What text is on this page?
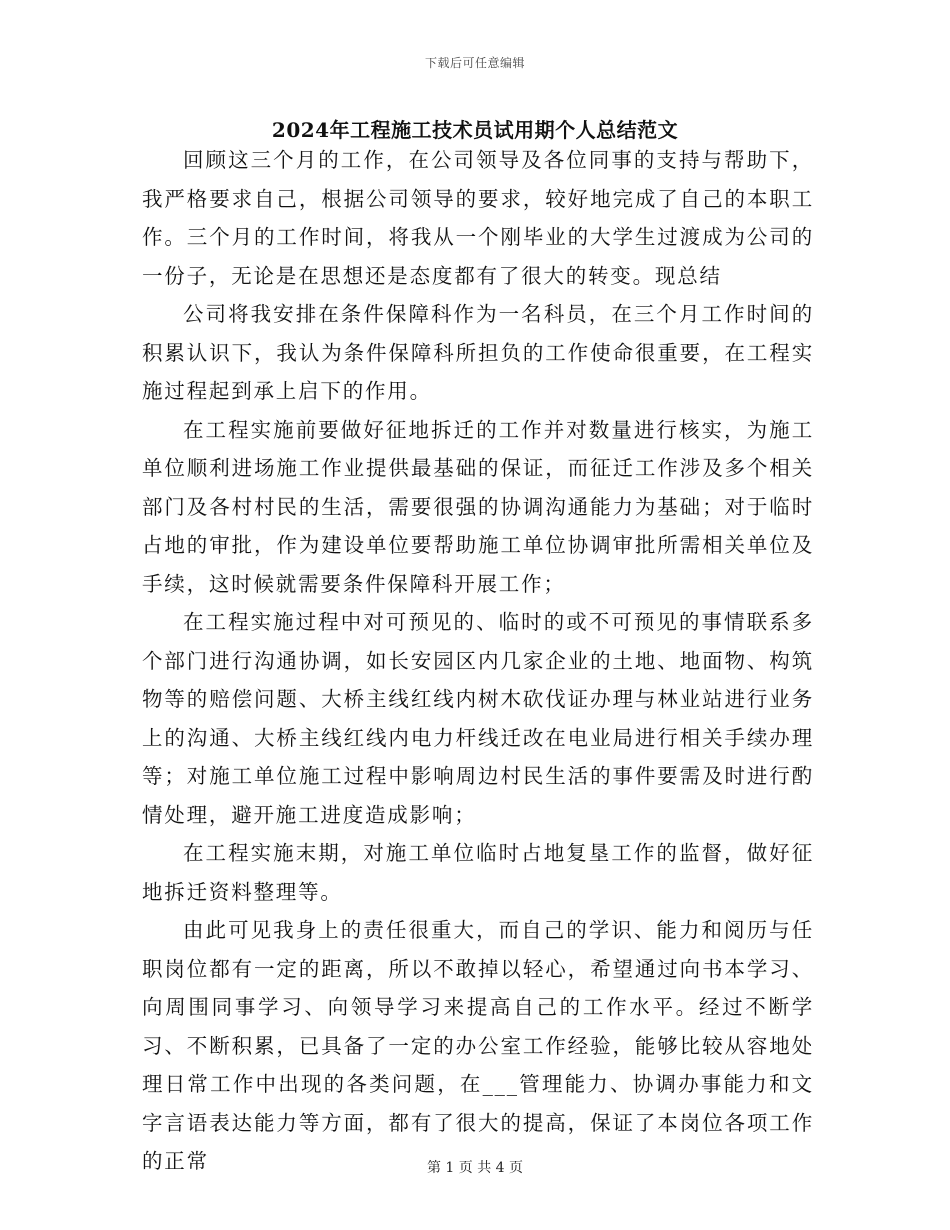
下载后可任意编辑
2024年工程施工技术员试用期个人总结范文

回顾这三个月的工作，在公司领导及各位同事的支持与帮助下，我严格要求自己，根据公司领导的要求，较好地完成了自己的本职工作。三个月的工作时间，将我从一个刚毕业的大学生过渡成为公司的一份子，无论是在思想还是态度都有了很大的转变。现总结

公司将我安排在条件保障科作为一名科员，在三个月工作时间的积累认识下，我认为条件保障科所担负的工作使命很重要，在工程实施过程起到承上启下的作用。

在工程实施前要做好征地拆迁的工作并对数量进行核实，为施工单位顺利进场施工作业提供最基础的保证，而征迁工作涉及多个相关部门及各村村民的生活，需要很强的协调沟通能力为基础；对于临时占地的审批，作为建设单位要帮助施工单位协调审批所需相关单位及手续，这时候就需要条件保障科开展工作；

在工程实施过程中对可预见的、临时的或不可预见的事情联系多个部门进行沟通协调，如长安园区内几家企业的土地、地面物、构筑物等的赔偿问题、大桥主线红线内树木砍伐证办理与林业站进行业务上的沟通、大桥主线红线内电力杆线迁改在电业局进行相关手续办理等；对施工单位施工过程中影响周边村民生活的事件要需及时进行酌情处理，避开施工进度造成影响；

在工程实施末期，对施工单位临时占地复垦工作的监督，做好征地拆迁资料整理等。

由此可见我身上的责任很重大，而自己的学识、能力和阅历与任职岗位都有一定的距离，所以不敢掉以轻心，希望通过向书本学习、向周围同事学习、向领导学习来提高自己的工作水平。经过不断学习、不断积累，已具备了一定的办公室工作经验，能够比较从容地处理日常工作中出现的各类问题，在___管理能力、协调办事能力和文字言语表达能力等方面，都有了很大的提高，保证了本岗位各项工作的正常	第 1 页 共 4 页
